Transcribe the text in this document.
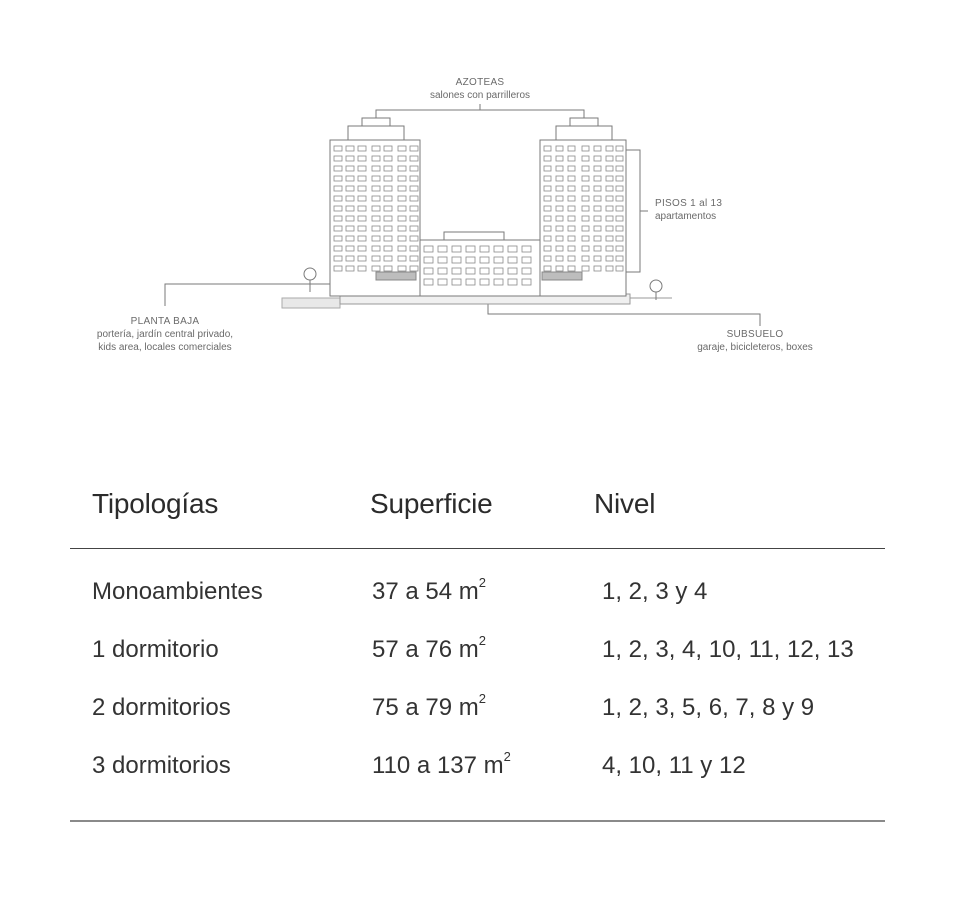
AZOTEAS
salones con parrilleros
PISOS 1 al 13
apartamentos
PLANTA BAJA
portería, jardín central privado,
kids area, locales comerciales
SUBSUELO
garaje, bicicleteros, boxes
Tipologías	Superficie	Nivel
Monoambientes	37 a 54 $m^2$	1, 2, 3 y 4
1 dormitorio	57 a 76 $m^2$	1, 2, 3, 4, 10, 11, 12, 13
2 dormitorios	75 a 79 $m^2$	1, 2, 3, 5, 6, 7, 8 y 9
3 dormitorios	110 a 137 $m^2$	4, 10, 11 y 12
